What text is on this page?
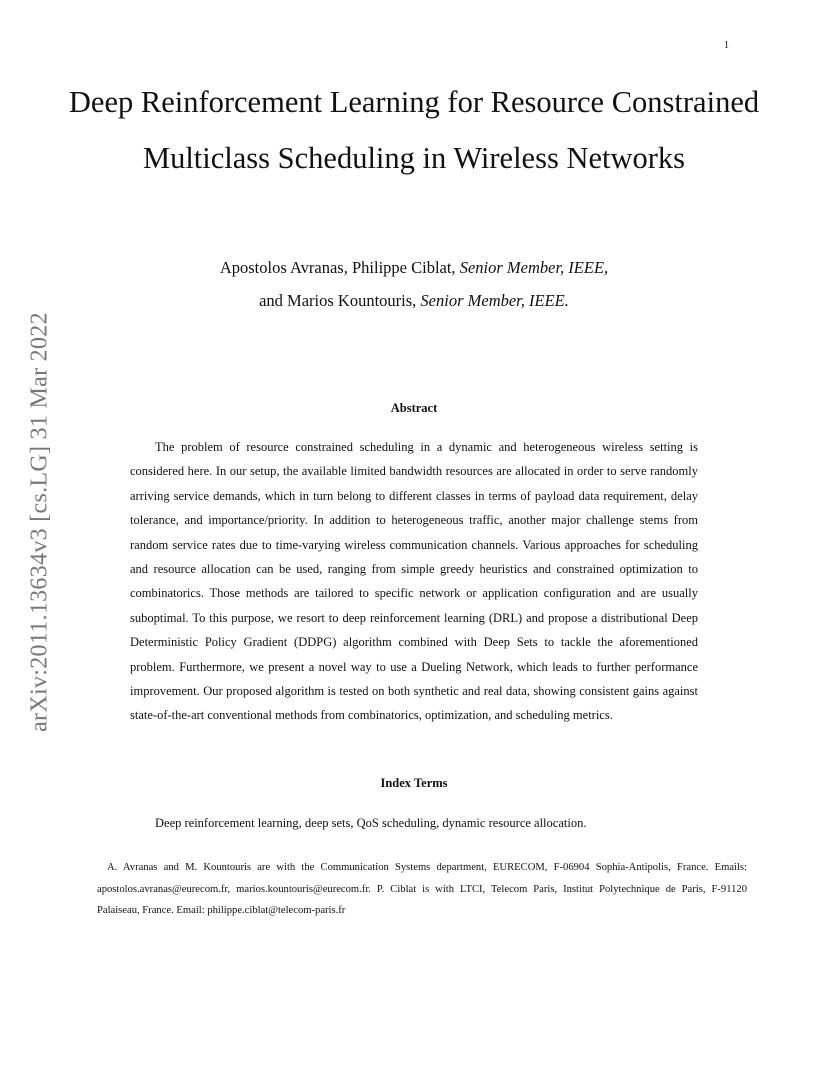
1
arXiv:2011.13634v3 [cs.LG] 31 Mar 2022
Deep Reinforcement Learning for Resource Constrained Multiclass Scheduling in Wireless Networks
Apostolos Avranas, Philippe Ciblat, Senior Member, IEEE,
and Marios Kountouris, Senior Member, IEEE.
Abstract

The problem of resource constrained scheduling in a dynamic and heterogeneous wireless setting is considered here. In our setup, the available limited bandwidth resources are allocated in order to serve randomly arriving service demands, which in turn belong to different classes in terms of payload data requirement, delay tolerance, and importance/priority. In addition to heterogeneous traffic, another major challenge stems from random service rates due to time-varying wireless communication channels. Various approaches for scheduling and resource allocation can be used, ranging from simple greedy heuristics and constrained optimization to combinatorics. Those methods are tailored to specific network or application configuration and are usually suboptimal. To this purpose, we resort to deep reinforcement learning (DRL) and propose a distributional Deep Deterministic Policy Gradient (DDPG) algorithm combined with Deep Sets to tackle the aforementioned problem. Furthermore, we present a novel way to use a Dueling Network, which leads to further performance improvement. Our proposed algorithm is tested on both synthetic and real data, showing consistent gains against state-of-the-art conventional methods from combinatorics, optimization, and scheduling metrics.

Index Terms

Deep reinforcement learning, deep sets, QoS scheduling, dynamic resource allocation.

A. Avranas and M. Kountouris are with the Communication Systems department, EURECOM, F-06904 Sophia-Antipolis, France. Emails: apostolos.avranas@eurecom.fr, marios.kountouris@eurecom.fr. P. Ciblat is with LTCI, Telecom Paris, Institut Polytechnique de Paris, F-91120 Palaiseau, France. Email: philippe.ciblat@telecom-paris.fr
